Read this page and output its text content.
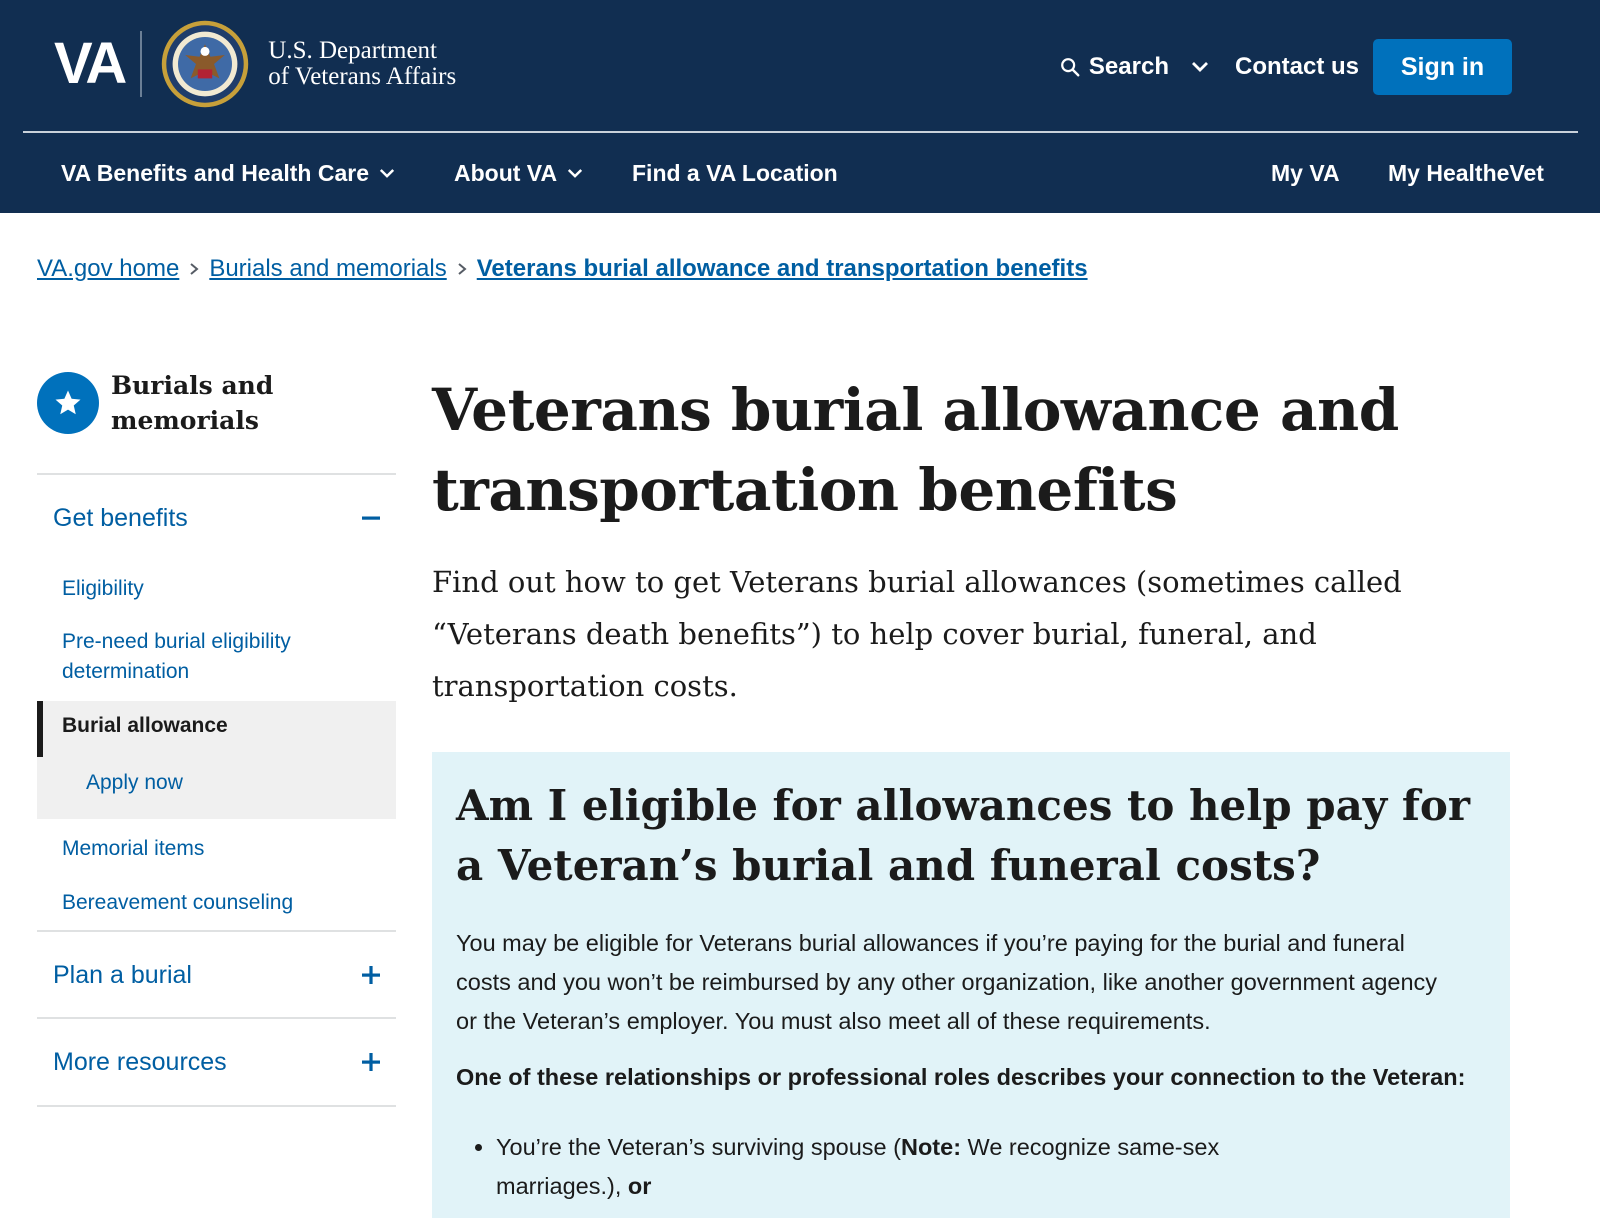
VA	U.S. Department
of Veterans Affairs	Search	Contact us	Sign in
VA Benefits and Health Care	About VA	Find a VA Location	My VA My HealtheVet
VA.gov home Burials and memorials Veterans burial allowance and transportation benefits
Burials and
memorials
Get benefits
Eligibility
Pre-need burial eligibility
determination
Burial allowance
Apply now
Memorial items
Bereavement counseling
Plan a burial
More resources
Veterans burial allowance and
transportation benefits

Find out how to get Veterans burial allowances (sometimes called
“Veterans death benefits”) to help cover burial, funeral, and
transportation costs.

Am I eligible for allowances to help pay for
a Veteran’s burial and funeral costs?

You may be eligible for Veterans burial allowances if you’re paying for the burial and funeral
costs and you won’t be reimbursed by any other organization, like another government agency
or the Veteran’s employer. You must also meet all of these requirements.

One of these relationships or professional roles describes your connection to the Veteran:

• You’re the Veteran’s surviving spouse (Note: We recognize same-sex
marriages.), or
